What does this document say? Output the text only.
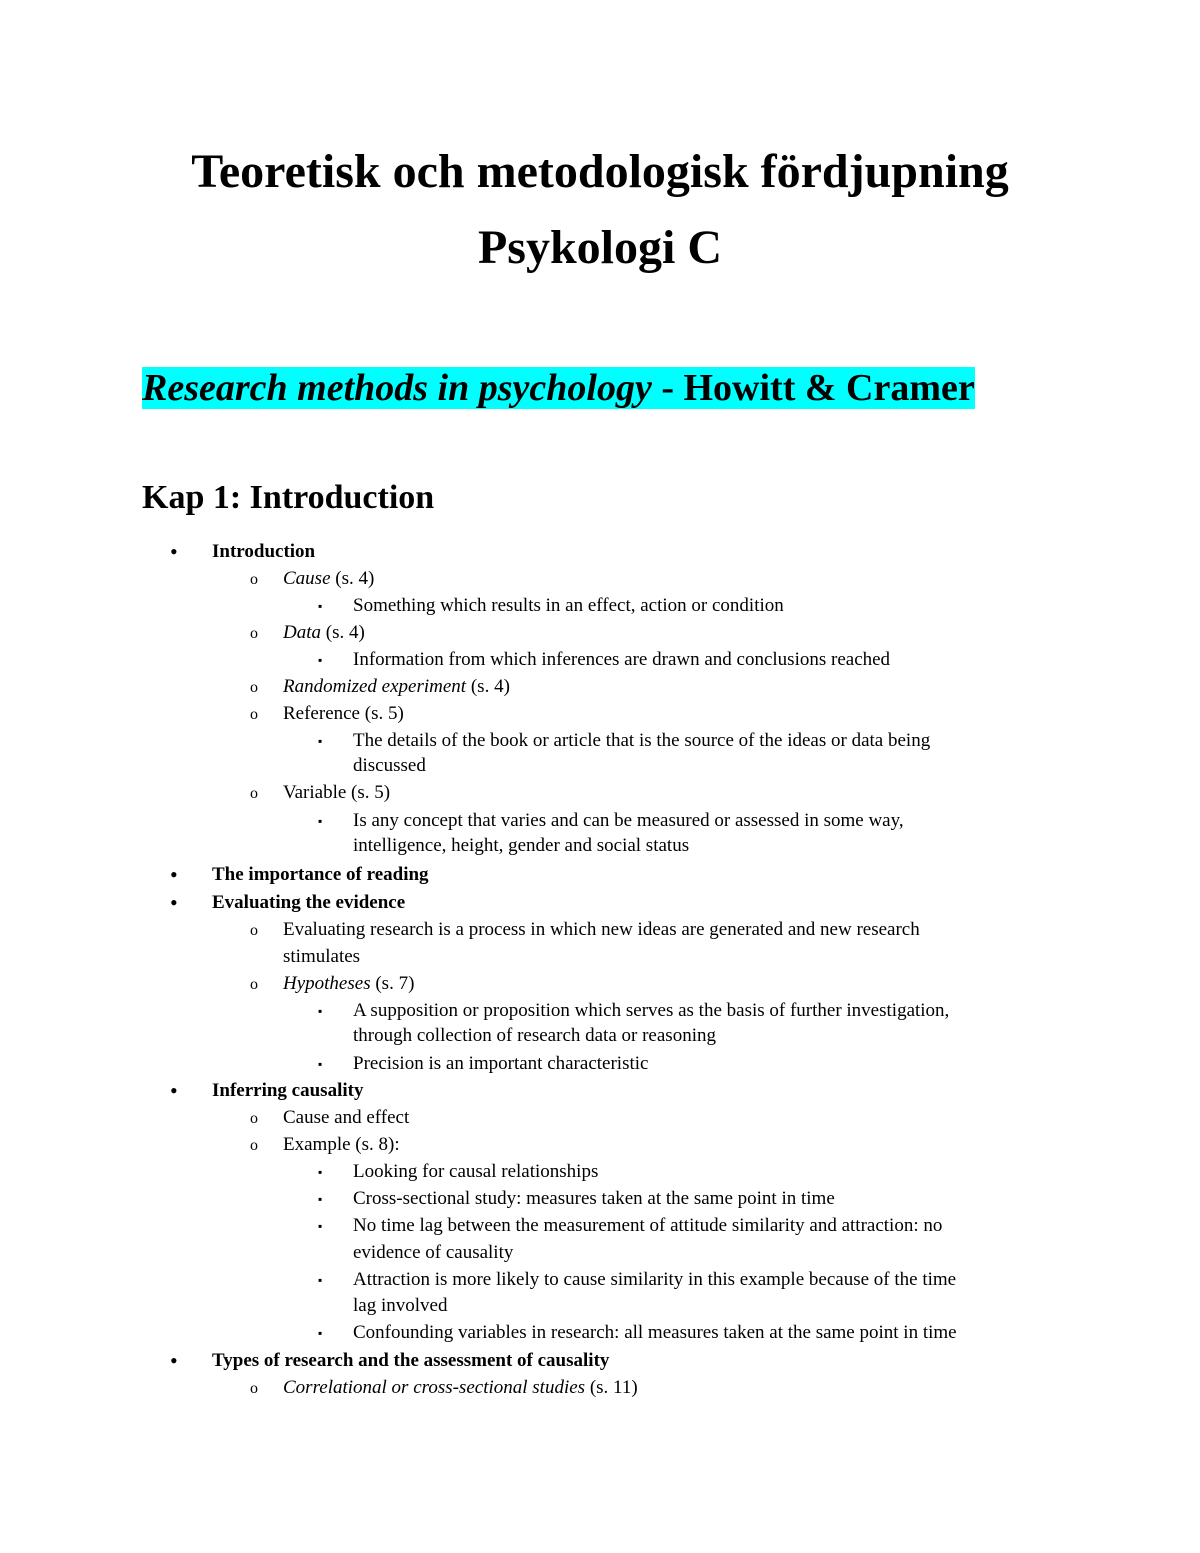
Teoretisk och metodologisk fördjupning
Psykologi C
Research methods in psychology - Howitt & Cramer
Kap 1: Introduction
• Introduction
o Cause (s. 4)
▪ Something which results in an effect, action or condition
o Data (s. 4)
▪ Information from which inferences are drawn and conclusions reached
o Randomized experiment (s. 4)
o Reference (s. 5)
▪ The details of the book or article that is the source of the ideas or data being
discussed
o Variable (s. 5)
▪ Is any concept that varies and can be measured or assessed in some way,
intelligence, height, gender and social status
• The importance of reading
• Evaluating the evidence
o Evaluating research is a process in which new ideas are generated and new research
stimulates
o Hypotheses (s. 7)
▪ A supposition or proposition which serves as the basis of further investigation,
through collection of research data or reasoning
▪ Precision is an important characteristic
• Inferring causality
o Cause and effect
o Example (s. 8):
▪ Looking for causal relationships
▪ Cross-sectional study: measures taken at the same point in time
▪ No time lag between the measurement of attitude similarity and attraction: no
evidence of causality
▪ Attraction is more likely to cause similarity in this example because of the time
lag involved
▪ Confounding variables in research: all measures taken at the same point in time
• Types of research and the assessment of causality
o Correlational or cross-sectional studies (s. 11)
